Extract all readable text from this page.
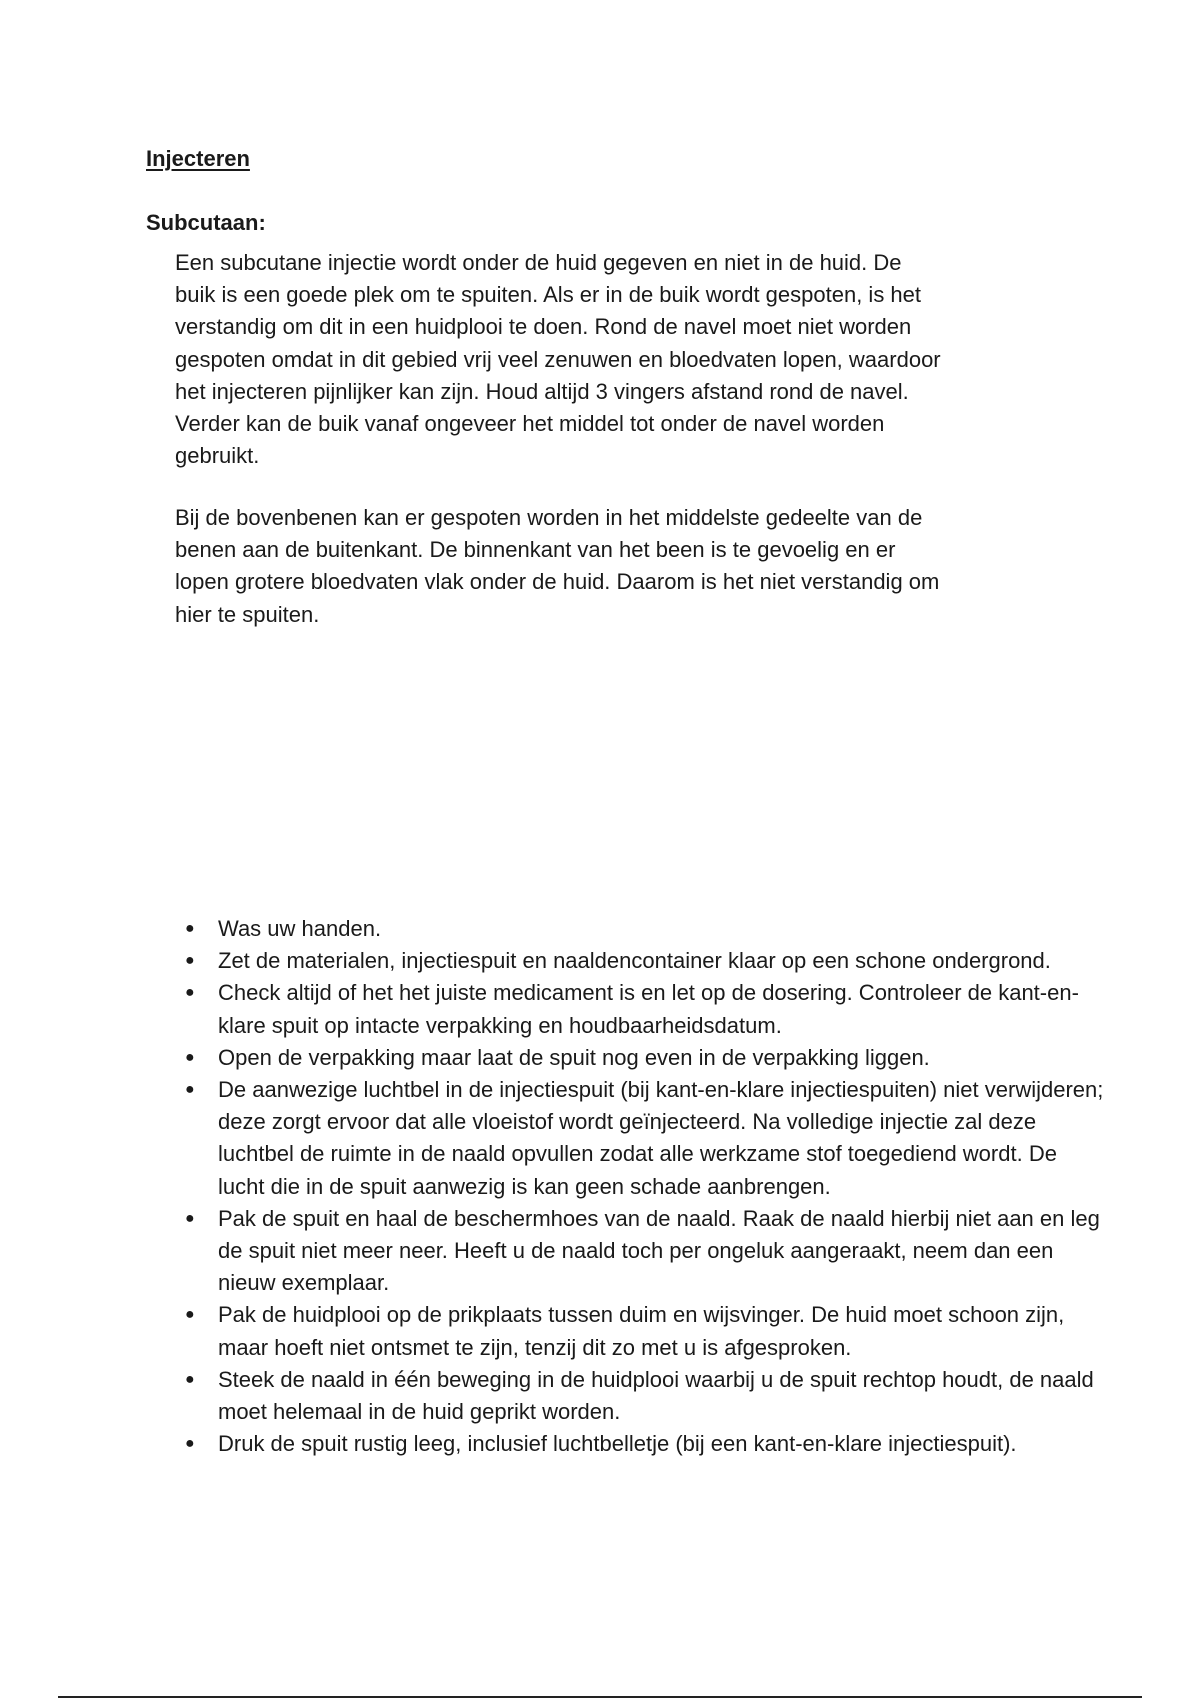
Injecteren
Subcutaan:

Een subcutane injectie wordt onder de huid gegeven en niet in de huid. De buik is een goede plek om te spuiten. Als er in de buik wordt gespoten, is het verstandig om dit in een huidplooi te doen. Rond de navel moet niet worden gespoten omdat in dit gebied vrij veel zenuwen en bloedvaten lopen, waardoor het injecteren pijnlijker kan zijn. Houd altijd 3 vingers afstand rond de navel. Verder kan de buik vanaf ongeveer het middel tot onder de navel worden gebruikt.

Bij de bovenbenen kan er gespoten worden in het middelste gedeelte van de benen aan de buitenkant. De binnenkant van het been is te gevoelig en er lopen grotere bloedvaten vlak onder de huid. Daarom is het niet verstandig om hier te spuiten.

● Was uw handen.
● Zet de materialen, injectiespuit en naaldencontainer klaar op een schone ondergrond.
● Check altijd of het het juiste medicament is en let op de dosering. Controleer de kant-en-klare spuit op intacte verpakking en houdbaarheidsdatum.
● Open de verpakking maar laat de spuit nog even in de verpakking liggen.
● De aanwezige luchtbel in de injectiespuit (bij kant-en-klare injectiespuiten) niet verwijderen; deze zorgt ervoor dat alle vloeistof wordt geïnjecteerd. Na volledige injectie zal deze luchtbel de ruimte in de naald opvullen zodat alle werkzame stof toegediend wordt. De lucht die in de spuit aanwezig is kan geen schade aanbrengen.
● Pak de spuit en haal de beschermhoes van de naald. Raak de naald hierbij niet aan en leg de spuit niet meer neer. Heeft u de naald toch per ongeluk aangeraakt, neem dan een nieuw exemplaar.
● Pak de huidplooi op de prikplaats tussen duim en wijsvinger. De huid moet schoon zijn, maar hoeft niet ontsmet te zijn, tenzij dit zo met u is afgesproken.
● Steek de naald in één beweging in de huidplooi waarbij u de spuit rechtop houdt, de naald moet helemaal in de huid geprikt worden.
● Druk de spuit rustig leeg, inclusief luchtbelletje (bij een kant-en-klare injectiespuit).
